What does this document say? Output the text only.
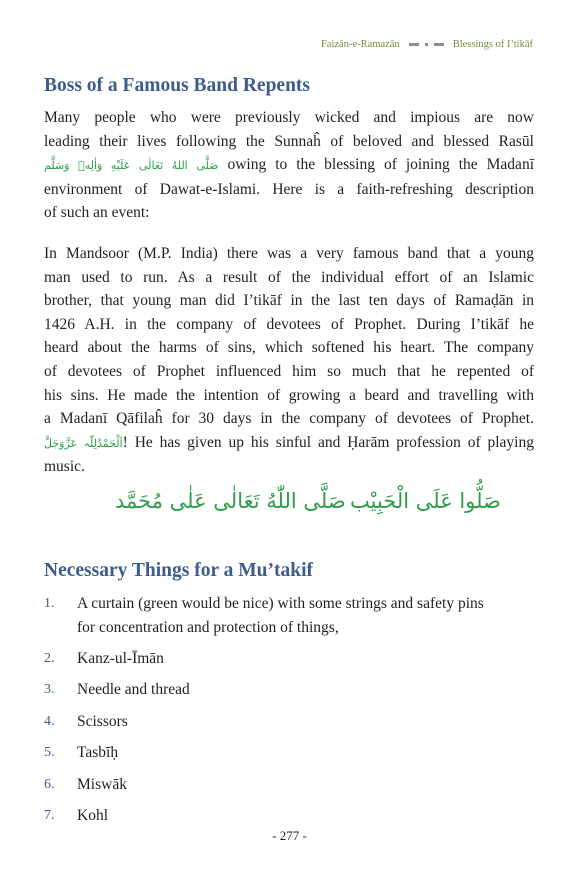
Faizān-e-Ramazān	Blessings of I’tikāf
Boss of a Famous Band Repents
Many people who were previously wicked and impious are now
leading their lives following the Sunnaĥ of beloved and blessed Rasūl
صَلَّى اللهُ تَعَالٰى عَلَيْهِ وَاٰلِهٖ وَسَلَّم owing to the blessing of joining the Madanī
environment of Dawat-e-Islami. Here is a faith-refreshing description
of such an event:
In Mandsoor (M.P. India) there was a very famous band that a young
man used to run. As a result of the individual effort of an Islamic
brother, that young man did I’tikāf in the last ten days of Ramaḍān in
1426 A.H. in the company of devotees of Prophet. During I’tikāf he
heard about the harms of sins, which softened his heart. The company
of devotees of Prophet influenced him so much that he repented of
his sins. He made the intention of growing a beard and travelling with
a Madanī Qāfilaĥ for 30 days in the company of devotees of Prophet.
اَلْحَمْدُلِلّٰہ عَزَّوَجَلَّ! He has given up his sinful and Ḥarām profession of playing
music.
صَلُّوا عَلَى الْحَبِيْب
صَلَّى اللّٰهُ تَعَالٰى عَلٰى مُحَمَّد
Necessary Things for a Mu’takif
1. A curtain (green would be nice) with some strings and safety pins
for concentration and protection of things,
2. Kanz-ul-Īmān
3. Needle and thread
4. Scissors
5. Tasbīḥ
6. Miswāk
7. Kohl
- 277 -
